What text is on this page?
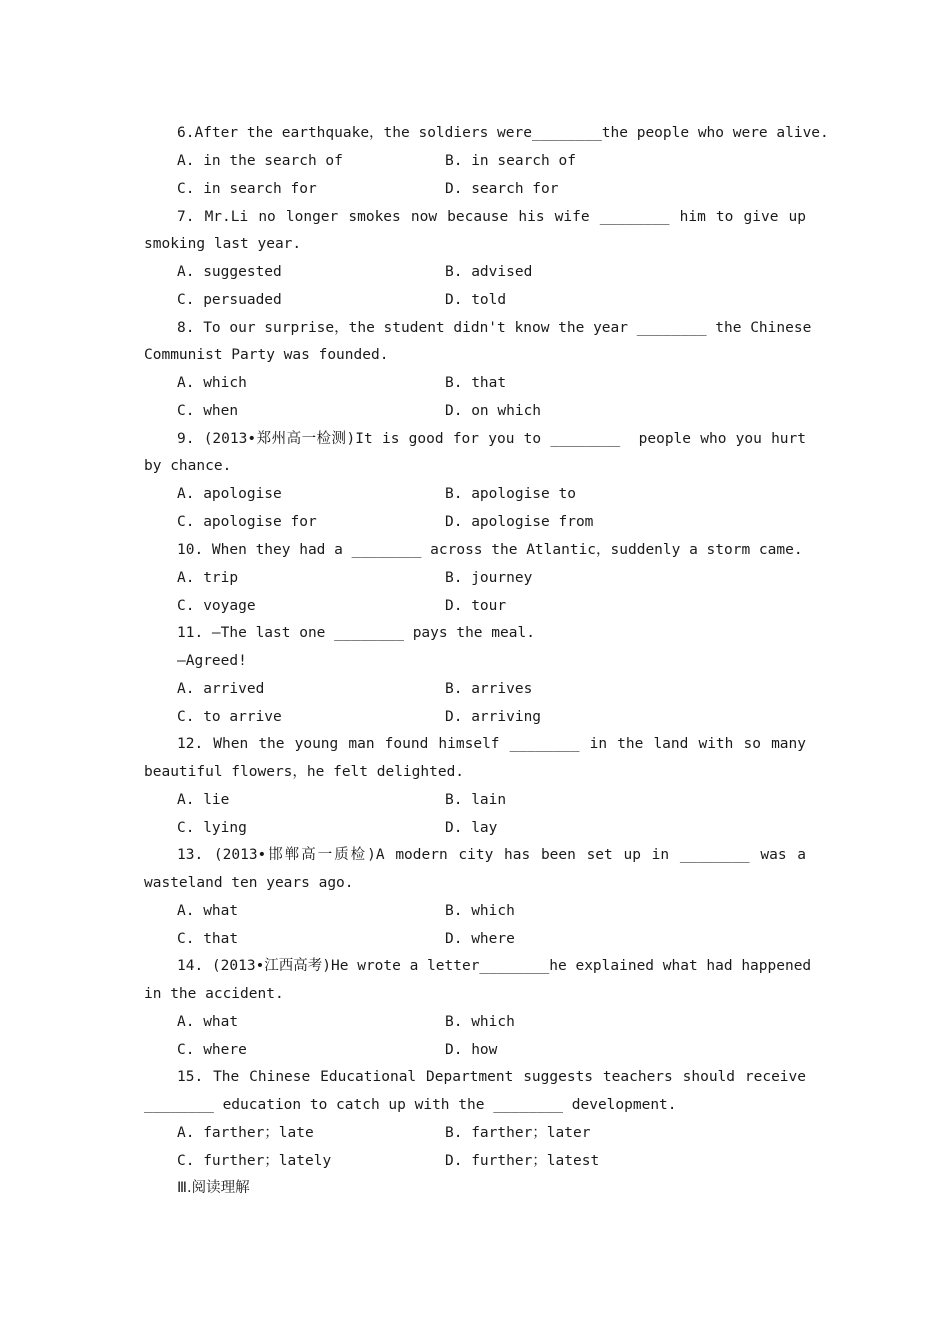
6.After the earthquake，the soldiers were________the people who were alive.
A. in the search of	B. in search of
C. in search for	D. search for
7. Mr.Li no longer smokes now because his wife ________ him to give up
smoking last year.
A. suggested	B. advised
C. persuaded	D. told
8. To our surprise，the student didn't know the year ________ the Chinese
Communist Party was founded.
A. which	B. that
C. when	D. on which
9. (2013•郑州高一检测)It is good for you to ________  people who you hurt
by chance.
A. apologise	B. apologise to
C. apologise for	D. apologise from
10. When they had a ________ across the Atlantic，suddenly a storm came.
A. trip	B. journey
C. voyage	D. tour
11. —The last one ________ pays the meal.
—Agreed!
A. arrived	B. arrives
C. to arrive	D. arriving
12. When the young man found himself ________ in the land with so many
beautiful flowers，he felt delighted.
A. lie	B. lain
C. lying	D. lay
13. (2013•邯郸高一质检)A modern city has been set up in ________ was a
wasteland ten years ago.
A. what	B. which
C. that	D. where
14. (2013•江西高考)He wrote a letter________he explained what had happened
in the accident.
A. what	B. which
C. where	D. how
15. The Chinese Educational Department suggests teachers should receive
________ education to catch up with the ________ development.
A. farther；late	B. farther；later
C. further；lately	D. further；latest
Ⅲ.阅读理解
